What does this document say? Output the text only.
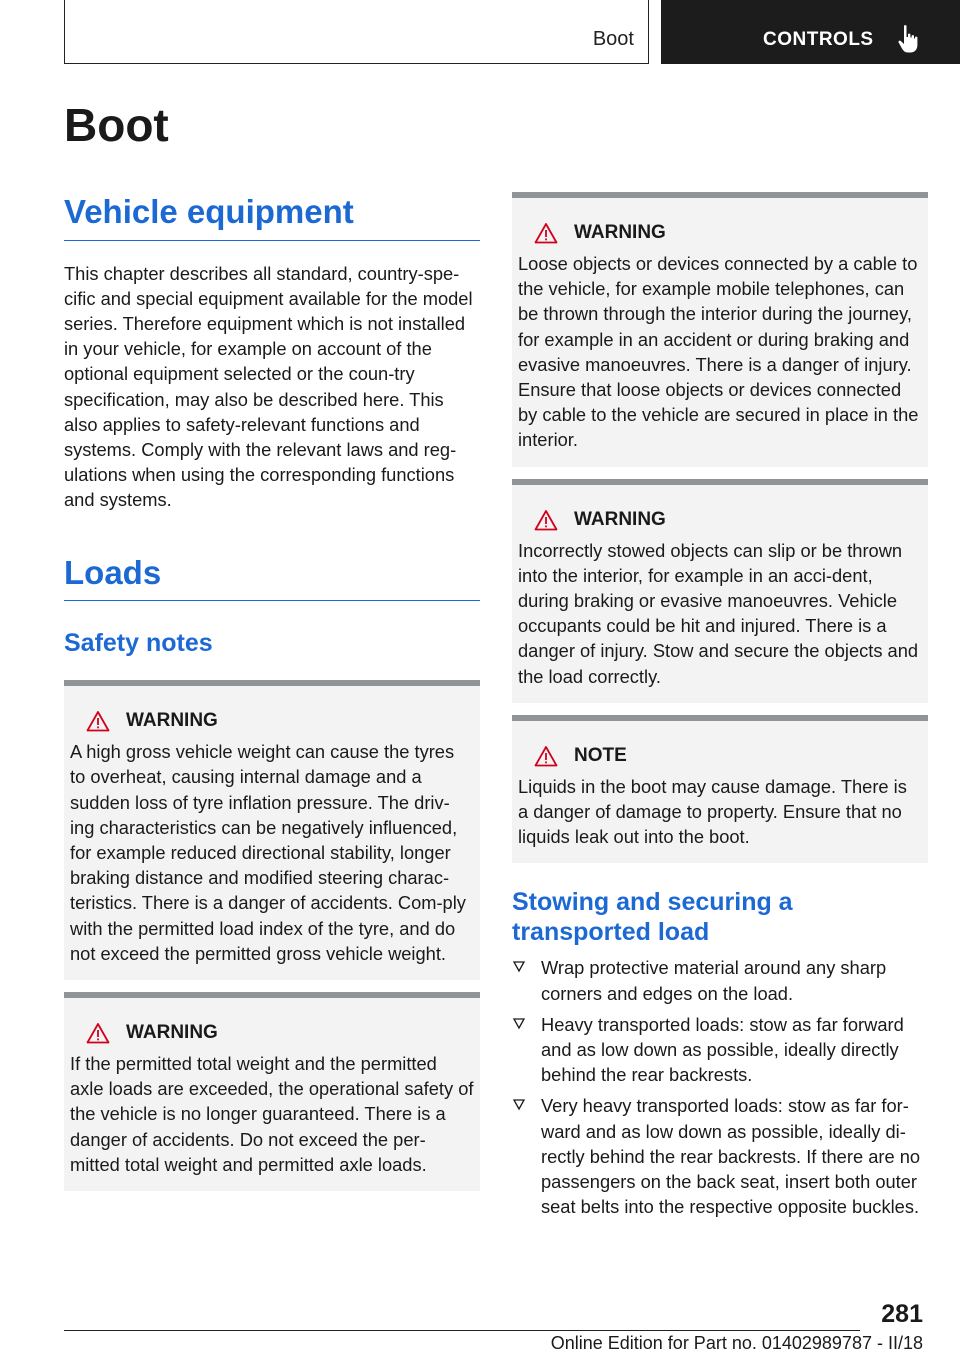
Boot	CONTROLS
Boot
Vehicle equipment

This chapter describes all standard, country-spe-cific and special equipment available for the model series. Therefore equipment which is not installed in your vehicle, for example on account of the optional equipment selected or the coun-try specification, may also be described here. This also applies to safety-relevant functions and systems. Comply with the relevant laws and reg-ulations when using the corresponding functions and systems.

Loads
Safety notes
WARNING

A high gross vehicle weight can cause the tyres to overheat, causing internal damage and a sudden loss of tyre inflation pressure. The driv-ing characteristics can be negatively influenced, for example reduced directional stability, longer braking distance and modified steering charac-teristics. There is a danger of accidents. Com-ply with the permitted load index of the tyre, and do not exceed the permitted gross vehicle weight.

WARNING

If the permitted total weight and the permitted axle loads are exceeded, the operational safety of the vehicle is no longer guaranteed. There is a danger of accidents. Do not exceed the per-mitted total weight and permitted axle loads.

WARNING

Loose objects or devices connected by a cable to the vehicle, for example mobile telephones, can be thrown through the interior during the journey, for example in an accident or during braking and evasive manoeuvres. There is a danger of injury. Ensure that loose objects or devices connected by cable to the vehicle are secured in place in the interior.

WARNING

Incorrectly stowed objects can slip or be thrown into the interior, for example in an acci-dent, during braking or evasive manoeuvres. Vehicle occupants could be hit and injured. There is a danger of injury. Stow and secure the objects and the load correctly.

NOTE

Liquids in the boot may cause damage. There is a danger of damage to property. Ensure that no liquids leak out into the boot.

Stowing and securing a transported load
Wrap protective material around any sharp corners and edges on the load.
Heavy transported loads: stow as far forward and as low down as possible, ideally directly behind the rear backrests.
Very heavy transported loads: stow as far for-ward and as low down as possible, ideally di-rectly behind the rear backrests. If there are no passengers on the back seat, insert both outer seat belts into the respective opposite buckles.
281
Online Edition for Part no. 01402989787 - II/18
